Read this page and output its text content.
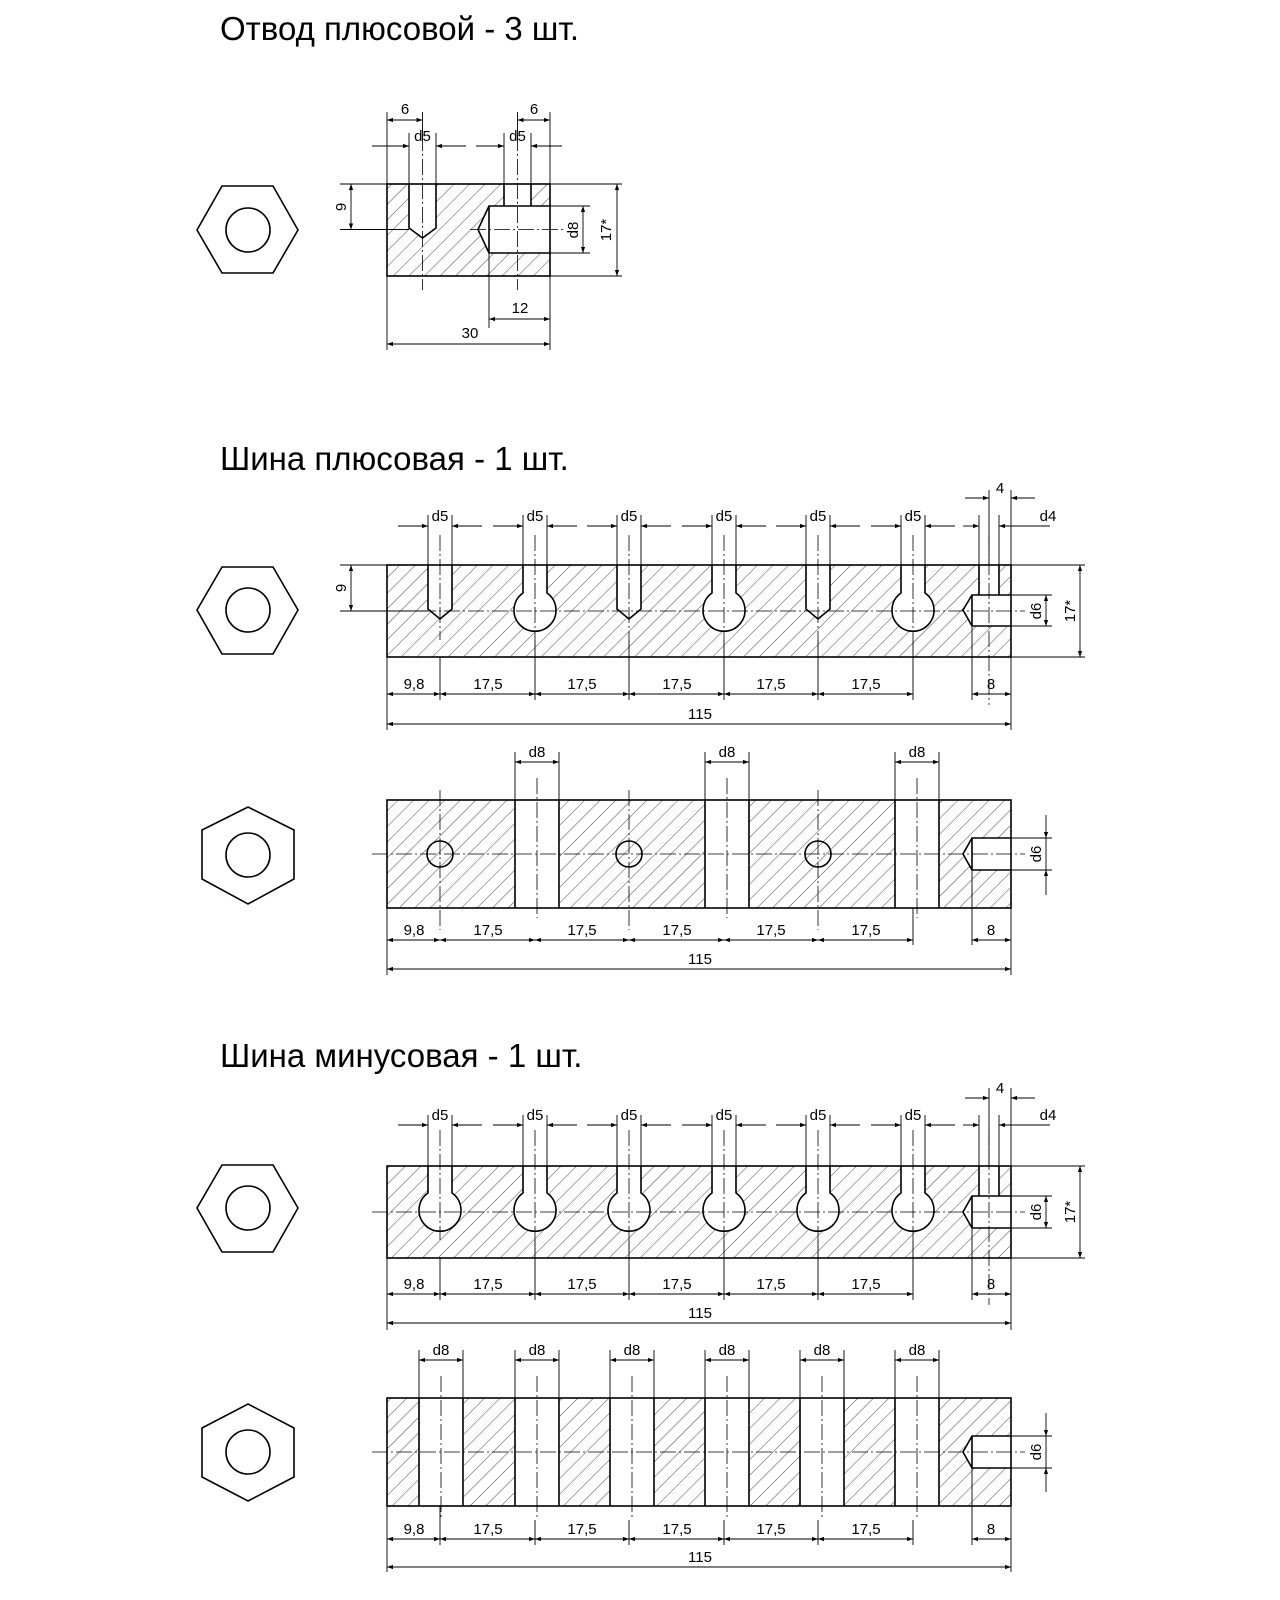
Отвод плюсовой - 3 шт.
6	6
d5	d5
9
d8 17*
12
30
Шина плюсовая - 1 шт.
d5	d5	d5	d5	d5	d5
4
d4
9
d6 17*
9,8	17,5	17,5	17,5	17,5	17,5	8
115
d8	d8	d8
d6
9,8	17,5	17,5	17,5	17,5	17,5	8
115
Шина минусовая - 1 шт.
d5	d5	d5	d5	d5	d5
4
d4
d6 17*
9,8	17,5	17,5	17,5	17,5	17,5	8
115
d8	d8	d8	d8	d8	d8
d6
9,8	17,5	17,5	17,5	17,5	17,5	8
115
